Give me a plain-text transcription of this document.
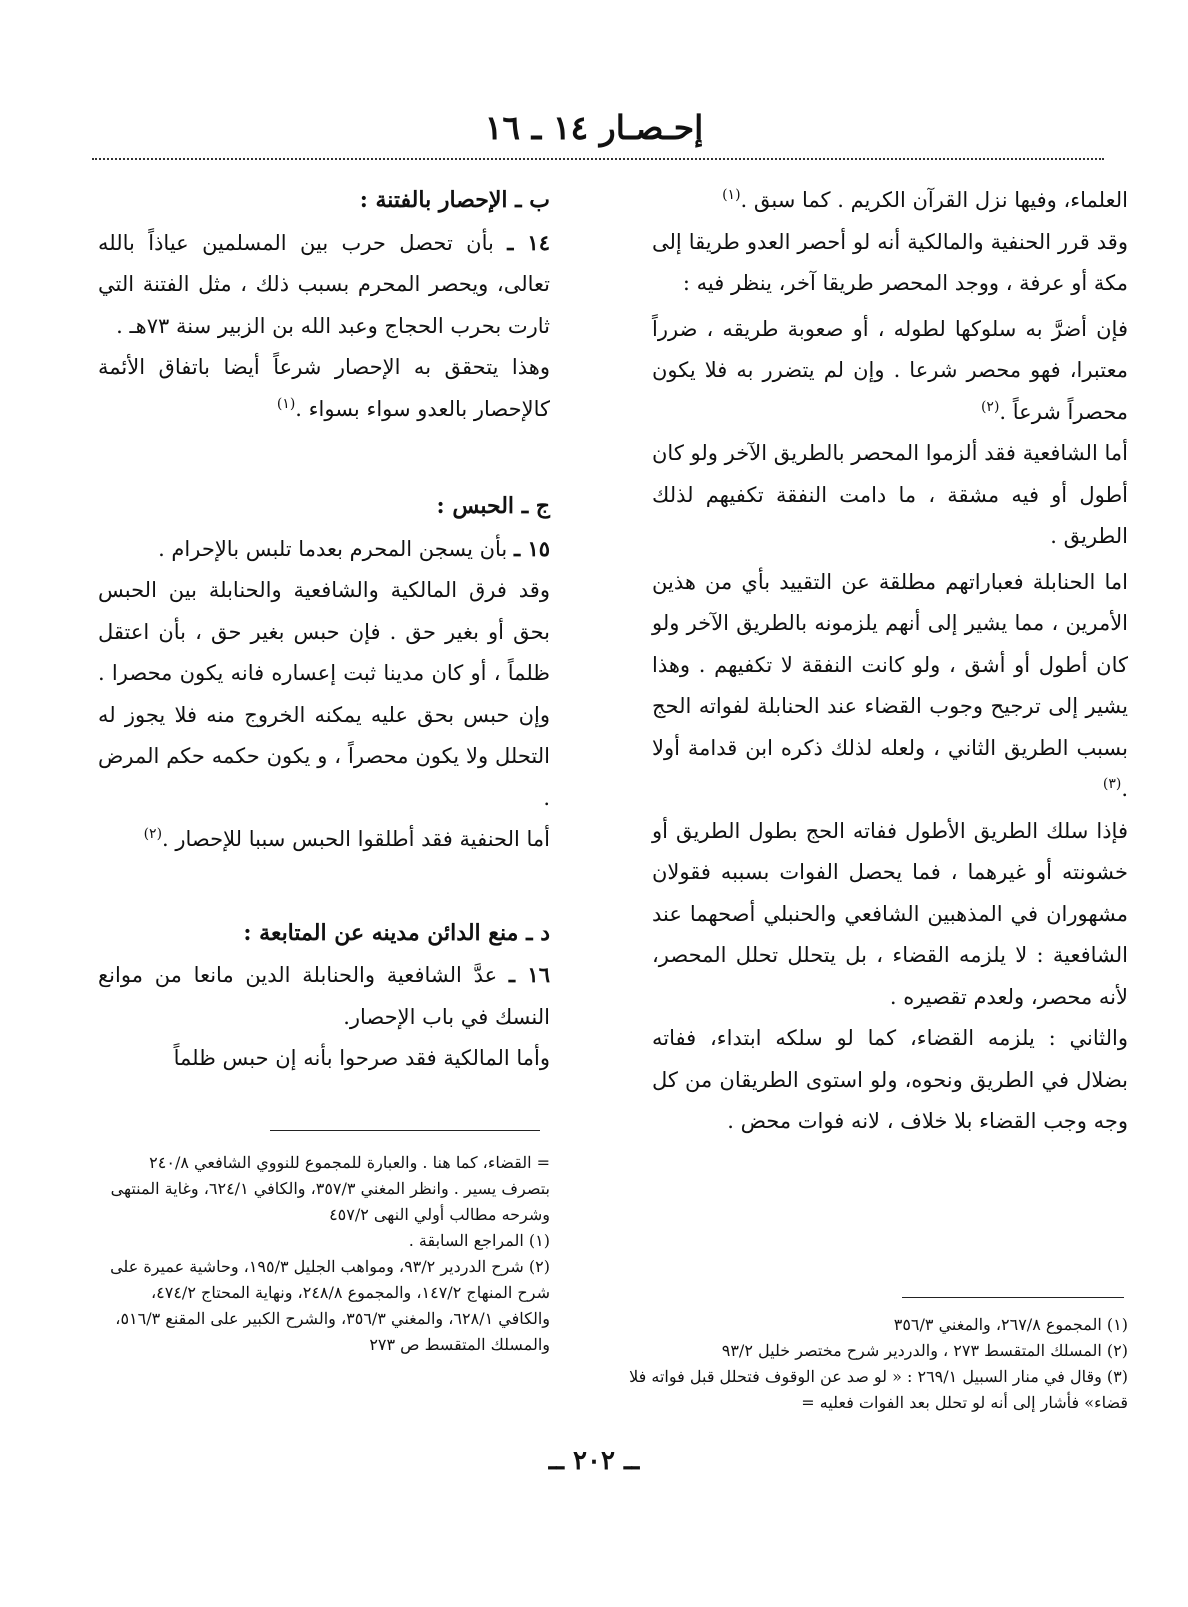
إحـصـار ١٤ ـ ١٦

العلماء، وفيها نزل القرآن الكريم . كما سبق .$^{(١)}$

وقد قرر الحنفية والمالكية أنه لو أحصر العدو طريقا إلى مكة أو عرفة ، ووجد المحصر طريقا آخر، ينظر فيه :

فإن أضرَّ به سلوكها لطوله ، أو صعوبة طريقه ، ضرراً معتبرا، فهو محصر شرعا . وإن لم يتضرر به فلا يكون محصراً شرعاً .$^{(٢)}$

أما الشافعية فقد ألزموا المحصر بالطريق الآخر ولو كان أطول أو فيه مشقة ، ما دامت النفقة تكفيهم لذلك الطريق .

اما الحنابلة فعباراتهم مطلقة عن التقييد بأي من هذين الأمرين ، مما يشير إلى أنهم يلزمونه بالطريق الآخر ولو كان أطول أو أشق ، ولو كانت النفقة لا تكفيهم . وهذا يشير إلى ترجيح وجوب القضاء عند الحنابلة لفواته الحج بسبب الطريق الثاني ، ولعله لذلك ذكره ابن قدامة أولا .$^{(٣)}$

فإذا سلك الطريق الأطول ففاته الحج بطول الطريق أو خشونته أو غيرهما ، فما يحصل الفوات بسببه فقولان مشهوران في المذهبين الشافعي والحنبلي أصحهما عند الشافعية : لا يلزمه القضاء ، بل يتحلل تحلل المحصر، لأنه محصر، ولعدم تقصيره .

والثاني : يلزمه القضاء، كما لو سلكه ابتداء، ففاته بضلال في الطريق ونحوه، ولو استوى الطريقان من كل وجه وجب القضاء بلا خلاف ، لانه فوات محض .

ب ـ الإحصار بالفتنة :

١٤ ـ بأن تحصل حرب بين المسلمين عياذاً بالله تعالى، ويحصر المحرم بسبب ذلك ، مثل الفتنة التي ثارت بحرب الحجاج وعبد الله بن الزبير سنة ٧٣هـ .

وهذا يتحقق به الإحصار شرعاً أيضا باتفاق الأئمة كالإحصار بالعدو سواء بسواء .$^{(١)}$

ج ـ الحبس :

١٥ ـ بأن يسجن المحرم بعدما تلبس بالإحرام .

وقد فرق المالكية والشافعية والحنابلة بين الحبس بحق أو بغير حق . فإن حبس بغير حق ، بأن اعتقل ظلماً ، أو كان مدينا ثبت إعساره فانه يكون محصرا . وإن حبس بحق عليه يمكنه الخروج منه فلا يجوز له التحلل ولا يكون محصراً ، و يكون حكمه حكم المرض .

أما الحنفية فقد أطلقوا الحبس سببا للإحصار .$^{(٢)}$

د ـ منع الدائن مدينه عن المتابعة :

١٦ ـ عدَّ الشافعية والحنابلة الدين مانعا من موانع النسك في باب الإحصار.

وأما المالكية فقد صرحوا بأنه إن حبس ظلماً

= القضاء، كما هنا . والعبارة للمجموع للنووي الشافعي ٢٤٠/٨ بتصرف يسير . وانظر المغني ٣٥٧/٣، والكافي ٦٢٤/١، وغاية المنتهى وشرحه مطالب أولي النهى ٤٥٧/٢

(١) المراجع السابقة .

(٢) شرح الدردير ٩٣/٢، ومواهب الجليل ١٩٥/٣، وحاشية عميرة على شرح المنهاج ١٤٧/٢، والمجموع ٢٤٨/٨، ونهاية المحتاج ٤٧٤/٢، والكافي ٦٢٨/١، والمغني ٣٥٦/٣، والشرح الكبير على المقنع ٥١٦/٣، والمسلك المتقسط ص ٢٧٣

(١) المجموع ٢٦٧/٨، والمغني ٣٥٦/٣

(٢) المسلك المتقسط ٢٧٣ ، والدردير شرح مختصر خليل ٩٣/٢

(٣) وقال في منار السبيل ٢٦٩/١ : « لو صد عن الوقوف فتحلل قبل فواته فلا قضاء» فأشار إلى أنه لو تحلل بعد الفوات فعليه =

ــ ٢٠٢ ــ
